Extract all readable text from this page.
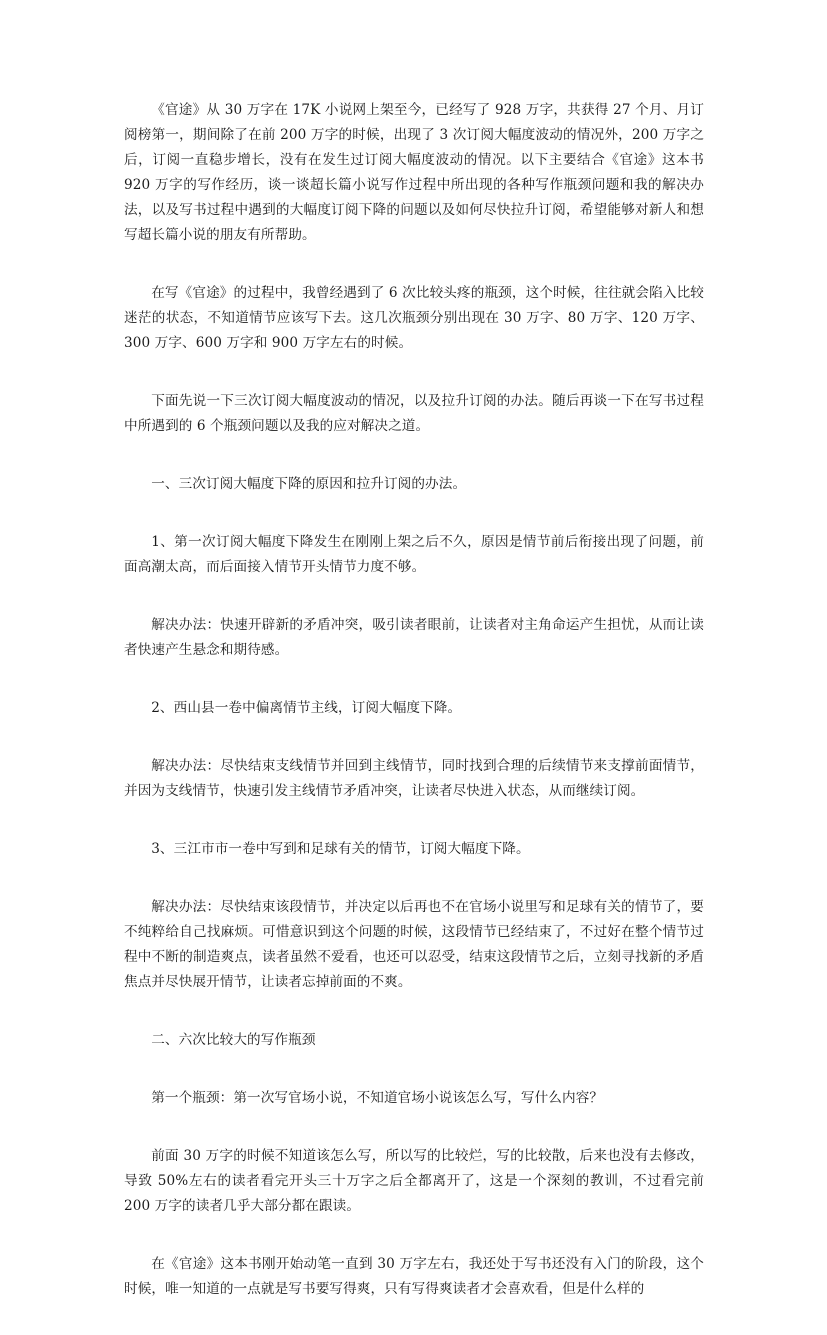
《官途》从 30 万字在 17K 小说网上架至今，已经写了 928 万字，共获得 27 个月、月订阅榜第一，期间除了在前 200 万字的时候，出现了 3 次订阅大幅度波动的情况外，200 万字之后，订阅一直稳步增长，没有在发生过订阅大幅度波动的情况。以下主要结合《官途》这本书 920 万字的写作经历，谈一谈超长篇小说写作过程中所出现的各种写作瓶颈问题和我的解决办法，以及写书过程中遇到的大幅度订阅下降的问题以及如何尽快拉升订阅，希望能够对新人和想写超长篇小说的朋友有所帮助。

在写《官途》的过程中，我曾经遇到了 6 次比较头疼的瓶颈，这个时候，往往就会陷入比较迷茫的状态，不知道情节应该写下去。这几次瓶颈分别出现在 30 万字、80 万字、120 万字、300 万字、600 万字和 900 万字左右的时候。

下面先说一下三次订阅大幅度波动的情况，以及拉升订阅的办法。随后再谈一下在写书过程中所遇到的 6 个瓶颈问题以及我的应对解决之道。

一、三次订阅大幅度下降的原因和拉升订阅的办法。

1、第一次订阅大幅度下降发生在刚刚上架之后不久，原因是情节前后衔接出现了问题，前面高潮太高，而后面接入情节开头情节力度不够。

解决办法：快速开辟新的矛盾冲突，吸引读者眼前，让读者对主角命运产生担忧，从而让读者快速产生悬念和期待感。

2、西山县一卷中偏离情节主线，订阅大幅度下降。

解决办法：尽快结束支线情节并回到主线情节，同时找到合理的后续情节来支撑前面情节，并因为支线情节，快速引发主线情节矛盾冲突，让读者尽快进入状态，从而继续订阅。

3、三江市市一卷中写到和足球有关的情节，订阅大幅度下降。

解决办法：尽快结束该段情节，并决定以后再也不在官场小说里写和足球有关的情节了，要不纯粹给自己找麻烦。可惜意识到这个问题的时候，这段情节已经结束了，不过好在整个情节过程中不断的制造爽点，读者虽然不爱看，也还可以忍受，结束这段情节之后，立刻寻找新的矛盾焦点并尽快展开情节，让读者忘掉前面的不爽。

二、六次比较大的写作瓶颈

第一个瓶颈：第一次写官场小说，不知道官场小说该怎么写，写什么内容？

前面 30 万字的时候不知道该怎么写，所以写的比较烂，写的比较散，后来也没有去修改，导致 50%左右的读者看完开头三十万字之后全都离开了，这是一个深刻的教训，不过看完前 200 万字的读者几乎大部分都在跟读。

在《官途》这本书刚开始动笔一直到 30 万字左右，我还处于写书还没有入门的阶段，这个时候，唯一知道的一点就是写书要写得爽，只有写得爽读者才会喜欢看，但是什么样的
